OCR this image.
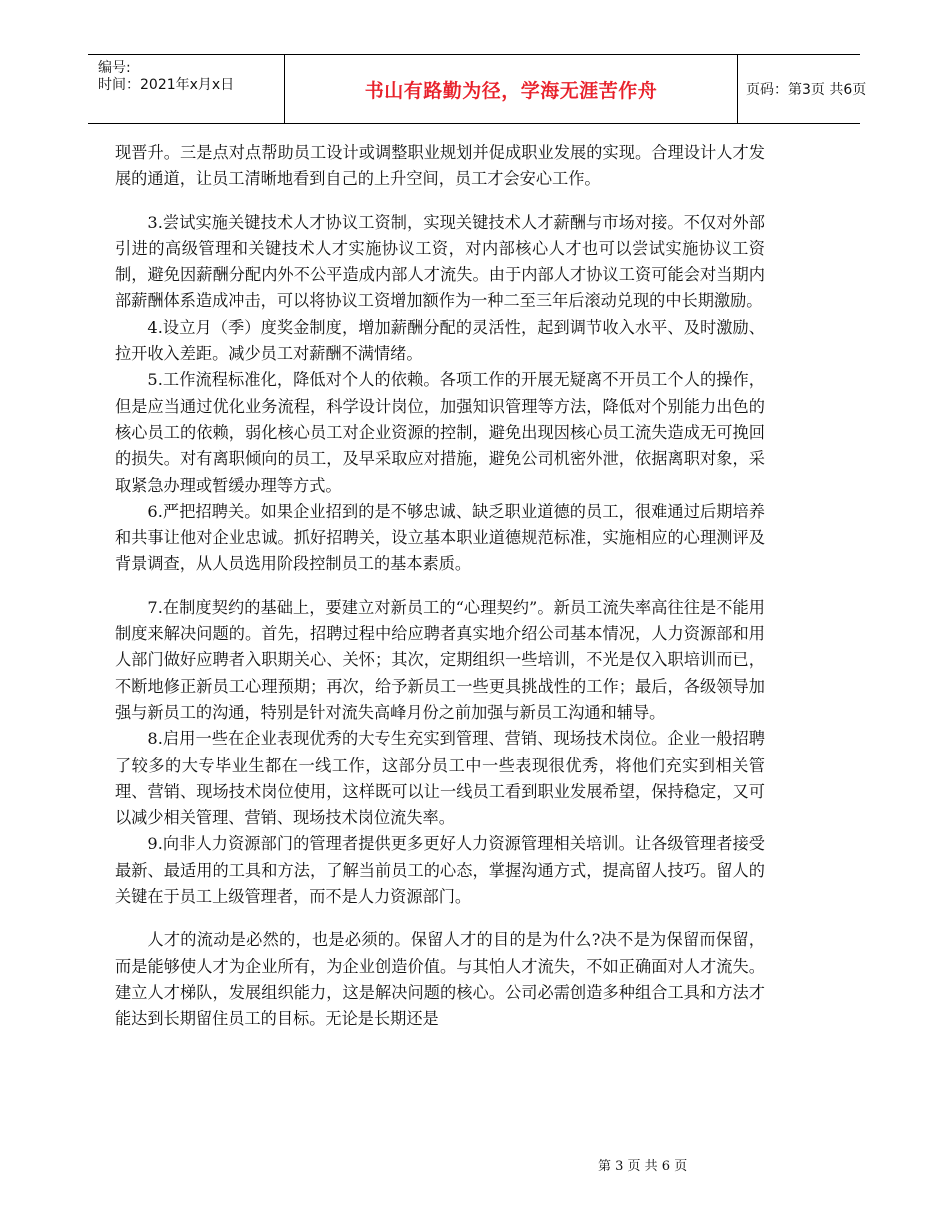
编号:
时间：2021年x月x日	书山有路勤为径，学海无涯苦作舟	页码：第3页 共6页

现晋升。三是点对点帮助员工设计或调整职业规划并促成职业发展的实现。合理设计人才发展的通道，让员工清晰地看到自己的上升空间，员工才会安心工作。

3.尝试实施关键技术人才协议工资制，实现关键技术人才薪酬与市场对接。不仅对外部引进的高级管理和关键技术人才实施协议工资，对内部核心人才也可以尝试实施协议工资制，避免因薪酬分配内外不公平造成内部人才流失。由于内部人才协议工资可能会对当期内部薪酬体系造成冲击，可以将协议工资增加额作为一种二至三年后滚动兑现的中长期激励。

4.设立月（季）度奖金制度，增加薪酬分配的灵活性，起到调节收入水平、及时激励、拉开收入差距。减少员工对薪酬不满情绪。

5.工作流程标准化，降低对个人的依赖。各项工作的开展无疑离不开员工个人的操作，但是应当通过优化业务流程，科学设计岗位，加强知识管理等方法，降低对个别能力出色的核心员工的依赖，弱化核心员工对企业资源的控制，避免出现因核心员工流失造成无可挽回的损失。对有离职倾向的员工，及早采取应对措施，避免公司机密外泄，依据离职对象，采取紧急办理或暂缓办理等方式。

6.严把招聘关。如果企业招到的是不够忠诚、缺乏职业道德的员工，很难通过后期培养和共事让他对企业忠诚。抓好招聘关，设立基本职业道德规范标准，实施相应的心理测评及背景调查，从人员选用阶段控制员工的基本素质。

7.在制度契约的基础上，要建立对新员工的“心理契约”。新员工流失率高往往是不能用制度来解决问题的。首先，招聘过程中给应聘者真实地介绍公司基本情况，人力资源部和用人部门做好应聘者入职期关心、关怀；其次，定期组织一些培训，不光是仅入职培训而已，不断地修正新员工心理预期；再次，给予新员工一些更具挑战性的工作；最后，各级领导加强与新员工的沟通，特别是针对流失高峰月份之前加强与新员工沟通和辅导。

8.启用一些在企业表现优秀的大专生充实到管理、营销、现场技术岗位。企业一般招聘了较多的大专毕业生都在一线工作，这部分员工中一些表现很优秀，将他们充实到相关管理、营销、现场技术岗位使用，这样既可以让一线员工看到职业发展希望，保持稳定，又可以减少相关管理、营销、现场技术岗位流失率。

9.向非人力资源部门的管理者提供更多更好人力资源管理相关培训。让各级管理者接受最新、最适用的工具和方法，了解当前员工的心态，掌握沟通方式，提高留人技巧。留人的关键在于员工上级管理者，而不是人力资源部门。

人才的流动是必然的，也是必须的。保留人才的目的是为什么?决不是为保留而保留，而是能够使人才为企业所有，为企业创造价值。与其怕人才流失，不如正确面对人才流失。建立人才梯队，发展组织能力，这是解决问题的核心。公司必需创造多种组合工具和方法才能达到长期留住员工的目标。无论是长期还是

第 3 页 共 6 页
